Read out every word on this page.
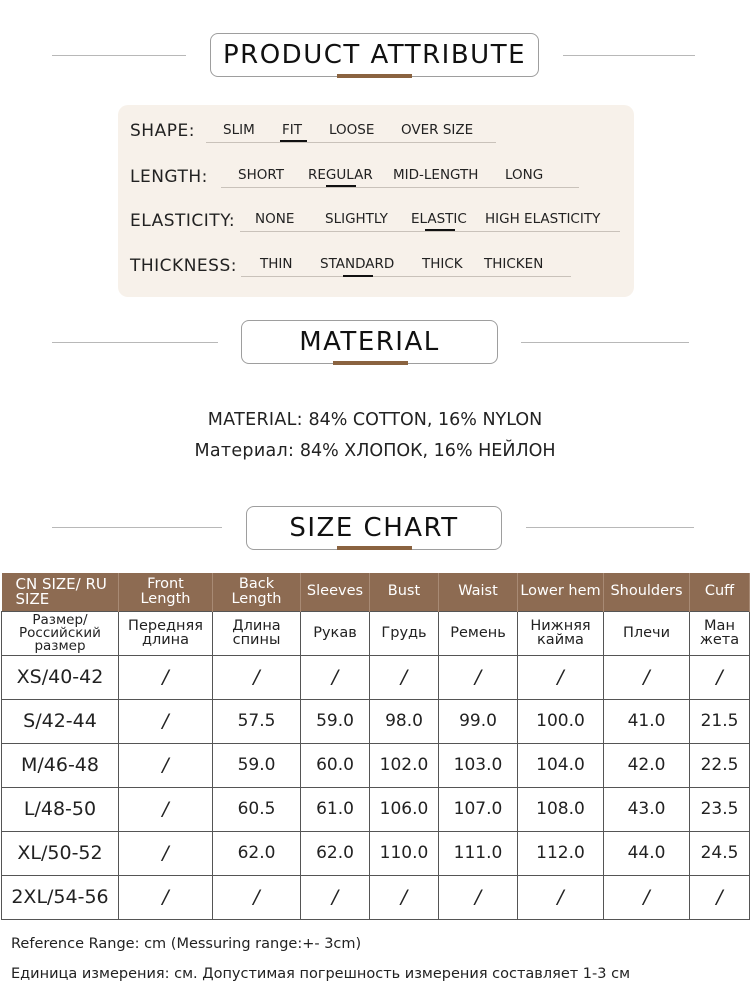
PRODUCT ATTRIBUTE
SHAPE: SLIM FIT LOOSE OVER SIZE
LENGTH: SHORT REGULAR MID-LENGTH LONG
ELASTICITY: NONE SLIGHTLY ELASTIC HIGH ELASTICITY
THICKNESS: THIN STANDARD THICK THICKEN
MATERIAL
MATERIAL: 84% COTTON, 16% NYLON
Материал: 84% ХЛОПОК, 16% НЕЙЛОН
SIZE CHART
CN SIZE/ RU SIZE	Front Length	Back Length	Sleeves	Bust	Waist	Lower hem	Shoulders	Cuff
Размер/ Российский размер	Передняя длина	Длина спины	Рукав	Грудь	Ремень	Нижняя кайма	Плечи	Ман жета
XS/40-42	/	/	/	/	/	/	/	/
S/42-44	/	57.5	59.0	98.0	99.0	100.0	41.0	21.5
M/46-48	/	59.0	60.0	102.0	103.0	104.0	42.0	22.5
L/48-50	/	60.5	61.0	106.0	107.0	108.0	43.0	23.5
XL/50-52	/	62.0	62.0	110.0	111.0	112.0	44.0	24.5
2XL/54-56	/	/	/	/	/	/	/	/
Reference Range: cm (Messuring range:+- 3cm)
Единица измерения: см. Допустимая погрешность измерения составляет 1-3 см
